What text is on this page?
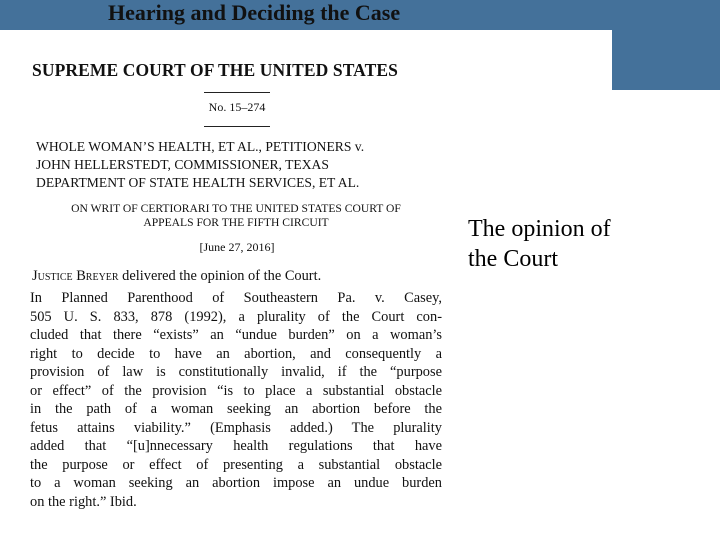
Hearing and Deciding the Case
SUPREME COURT OF THE UNITED STATES
No. 15–274
WHOLE WOMAN’S HEALTH, ET AL., PETITIONERS v.
JOHN HELLERSTEDT, COMMISSIONER, TEXAS
DEPARTMENT OF STATE HEALTH SERVICES, ET AL.
ON WRIT OF CERTIORARI TO THE UNITED STATES COURT OF
APPEALS FOR THE FIFTH CIRCUIT
[June 27, 2016]
Justice Breyer delivered the opinion of the Court.
In Planned Parenthood of Southeastern Pa. v. Casey,
505 U. S. 833, 878 (1992), a plurality of the Court con-
cluded that there “exists” an “undue burden” on a woman’s
right to decide to have an abortion, and consequently a
provision of law is constitutionally invalid, if the “purpose
or effect” of the provision “is to place a substantial obstacle
in the path of a woman seeking an abortion before the
fetus attains viability.” (Emphasis added.) The plurality
added that “[u]nnecessary health regulations that have
the purpose or effect of presenting a substantial obstacle
to a woman seeking an abortion impose an undue burden
on the right.” Ibid.
The opinion of
the Court
